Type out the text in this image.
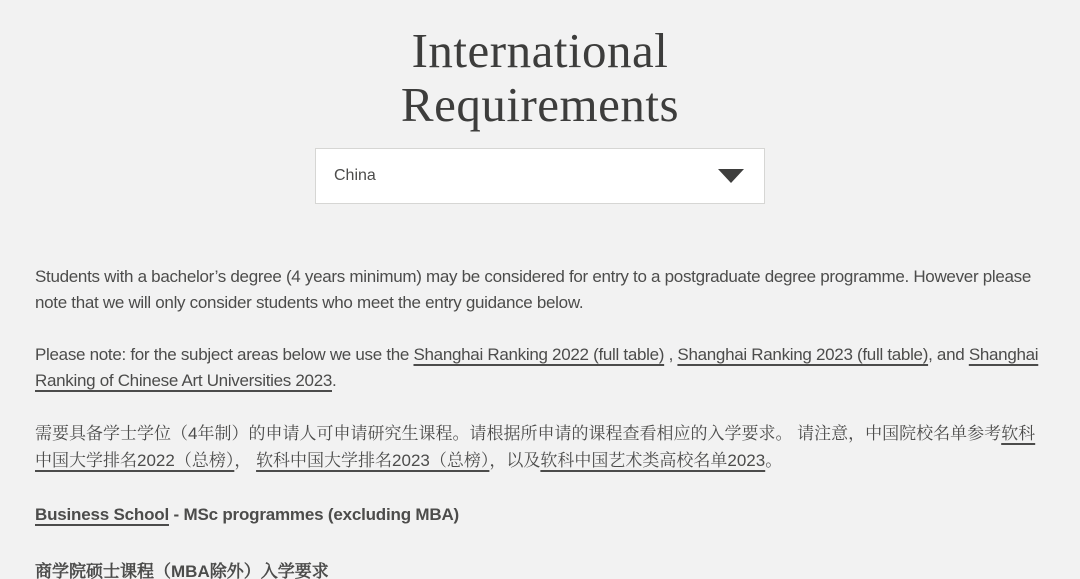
International
Requirements
China

Students with a bachelor’s degree (4 years minimum) may be considered for entry to a postgraduate degree programme. However please note that we will only consider students who meet the entry guidance below.

Please note: for the subject areas below we use the Shanghai Ranking 2022 (full table) , Shanghai Ranking 2023 (full table), and Shanghai Ranking of Chinese Art Universities 2023.

需要具备学士学位（4年制）的申请人可申请研究生课程。请根据所申请的课程查看相应的入学要求。 请注意，中国院校名单参考软科中国大学排名2022（总榜）， 软科中国大学排名2023（总榜），以及软科中国艺术类高校名单2023。

Business School - MSc programmes (excluding MBA)

商学院硕士课程（MBA除外）入学要求
